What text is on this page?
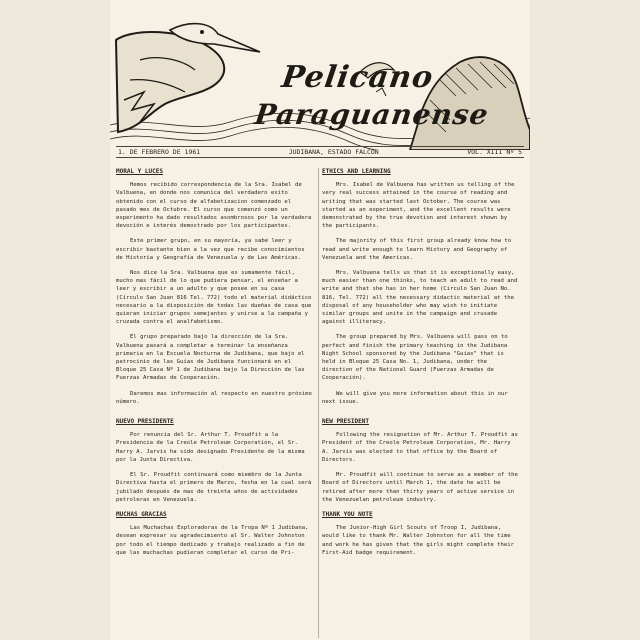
Pelicano
Paraguanense
1. DE FEBRERO DE 1961	JUDIBANA, ESTADO FALCON	VOL. XIII Nº 5
MORAL Y LUCES
Hemos recibido correspondencia de la Sra. Isabel de Valbuena, en donde nos comunica del verdadero exito obtenido con el curso de alfabetizacion comenzado el pasado mes de Octubre. El curso que comenzó como un experimento ha dado resultados asombrosos por la verdadera devoción e interés demostrado por los participantes.
Este primer grupo, en su mayoría, ya sabe leer y escribir bastante bien a la vez que recibe conocimientos de Historia y Geografía de Venezuela y de Las Américas.
Nos dice la Sra. Valbuena que es sumamente fácil, mucho mas fácil de lo que pudiera pensar, el enseñar a leer y escribir a un adulto y que posee en su casa (Círculo San Juan 816 Tel. 772) todo el material didáctico necesario a la disposición de todas las dueñas de casa que quieran iniciar grupos semejantes y unirse a la campaña y cruzada contra el analfabetismo.
El grupo preparado bajo la dirección de la Sra. Valbuena pasará a completar a terminar la enseñanza primaria en la Escuela Nocturna de Judibana, que bajo el patrocinio de las Guías de Judibana funcionará en el Bloque 25 Casa Nº 1 de Judibana bajo la Dirección de las Fuerzas Armadas de Cooperación.
Daremos mas información al respecto en nuestro próximo número.
NUEVO PRESIDENTE
Por renuncia del Sr. Arthur T. Proudfit a la Presidencia de la Creole Petroleum Corporation, el Sr. Harry A. Jarvis ha sido designado Presidente de la misma por la Junta Directiva.
El Sr. Proudfit continuará como miembro de la Junta Directiva hasta el primero de Marzo, fecha en la cual será jubilado después de mas de treinta años de actividades petroleras en Venezuela.
MUCHAS GRACIAS
Las Muchachas Exploradoras de la Tropa Nº 1 Judibana, desean expresar su agradecimiento al Sr. Walter Johnston por todo el tiempo dedicado y trabajo realizado a fin de que las muchachas pudieran completar el curso de Pri-
ETHICS AND LEARNING
Mrs. Isabel de Valbuena has written us telling of the very real success attained in the course of reading and writing that was started last October. The course was started as an experiment, and the excellent results were demonstrated by the true devotion and interest shown by the participants.
The majority of this first group already know how to read and write enough to learn History and Geography of Venezuela and the Americas.
Mrs. Valbuena tells us that it is exceptionally easy, much easier than one thinks, to teach an adult to read and write and that she has in her home (Circulo San Juan No. 816, Tel. 772) all the necessary didactic material at the disposal of any householder who may wish to initiate similar groups and unite in the campaign and crusade against illiteracy.
The group prepared by Mrs. Valbuena will pass on to perfect and finish the primary teaching in the Judibana Night School sponsored by the Judibana "Guias" that is held in Bloque 25 Casa No. 1, Judibana, under the direction of the National Guard (Fuerzas Armadas de Cooperación).
We will give you more information about this in our next issue.
NEW PRESIDENT
Following the resignation of Mr. Arthur T. Proudfit as President of the Creole Petroleum Corporation, Mr. Harry A. Jarvis was elected to that office by the Board of Directors.
Mr. Proudfit will continue to serve as a member of the Board of Directors until March 1, the date he will be retired after more than thirty years of active service in the Venezuelan petroleum industry.
THANK YOU NOTE
The Junior-High Girl Scouts of Troop I, Judibana, would like to thank Mr. Walter Johnston for all the time and work he has given that the girls might complete their First-Aid badge requirement.
